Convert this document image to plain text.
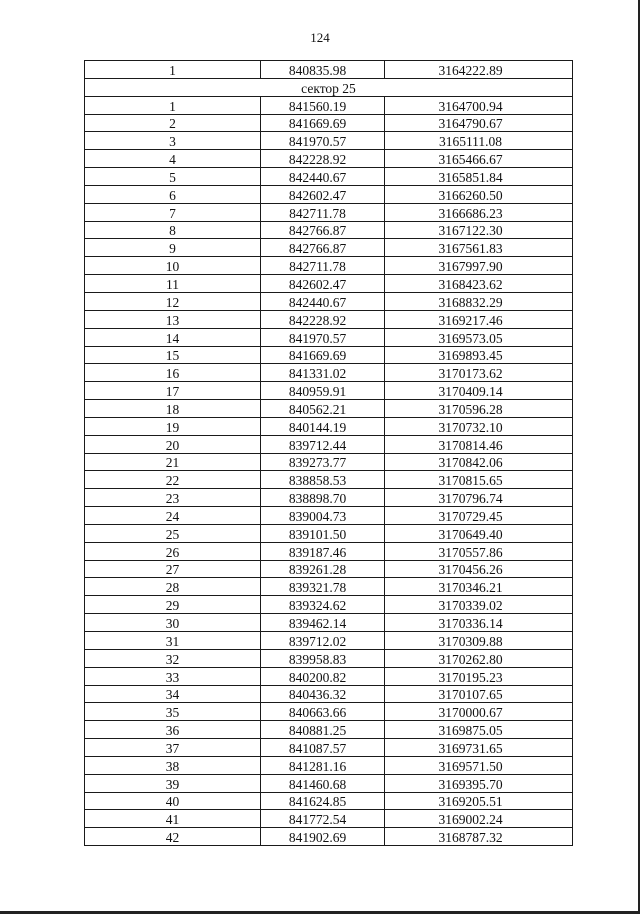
124
1	840835.98	3164222.89
сектор 25		
1	841560.19	3164700.94
2	841669.69	3164790.67
3	841970.57	3165111.08
4	842228.92	3165466.67
5	842440.67	3165851.84
6	842602.47	3166260.50
7	842711.78	3166686.23
8	842766.87	3167122.30
9	842766.87	3167561.83
10	842711.78	3167997.90
11	842602.47	3168423.62
12	842440.67	3168832.29
13	842228.92	3169217.46
14	841970.57	3169573.05
15	841669.69	3169893.45
16	841331.02	3170173.62
17	840959.91	3170409.14
18	840562.21	3170596.28
19	840144.19	3170732.10
20	839712.44	3170814.46
21	839273.77	3170842.06
22	838858.53	3170815.65
23	838898.70	3170796.74
24	839004.73	3170729.45
25	839101.50	3170649.40
26	839187.46	3170557.86
27	839261.28	3170456.26
28	839321.78	3170346.21
29	839324.62	3170339.02
30	839462.14	3170336.14
31	839712.02	3170309.88
32	839958.83	3170262.80
33	840200.82	3170195.23
34	840436.32	3170107.65
35	840663.66	3170000.67
36	840881.25	3169875.05
37	841087.57	3169731.65
38	841281.16	3169571.50
39	841460.68	3169395.70
40	841624.85	3169205.51
41	841772.54	3169002.24
42	841902.69	3168787.32
